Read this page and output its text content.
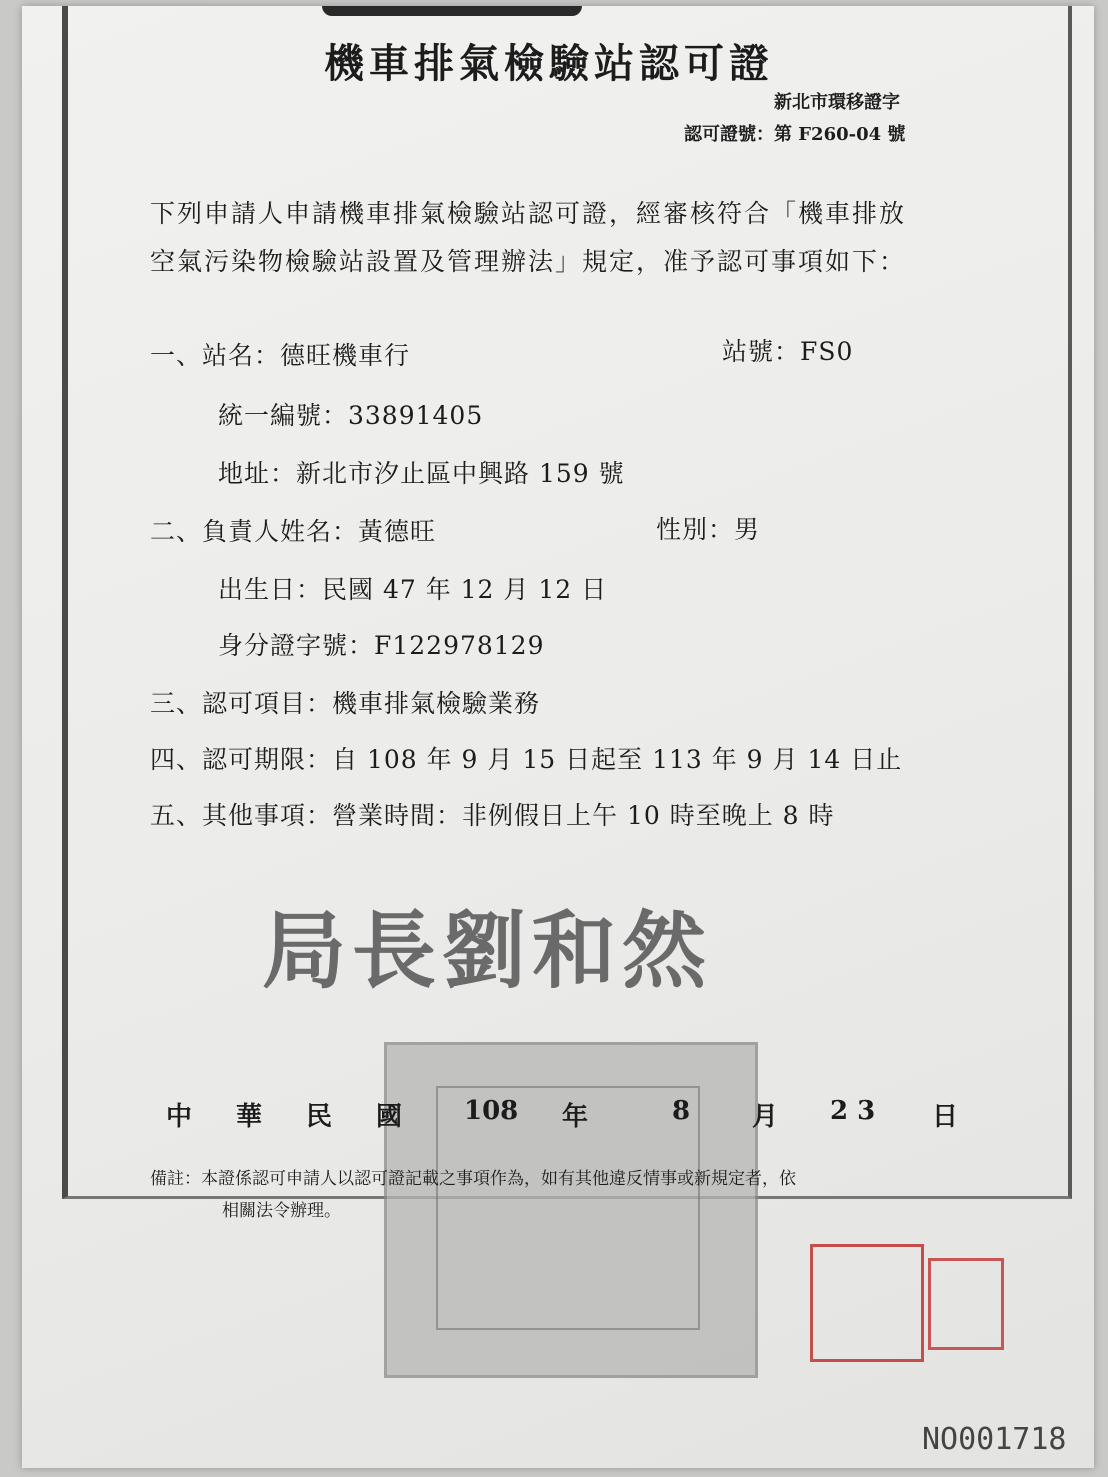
機車排氣檢驗站認可證
新北市環移證字
認可證號：第 F260-04 號
下列申請人申請機車排氣檢驗站認可證，經審核符合「機車排放
空氣污染物檢驗站設置及管理辦法」規定，准予認可事項如下：
一、站名：德旺機車行	站號：FS0
統一編號：33891405
地址：新北市汐止區中興路 159 號
二、負責人姓名：黃德旺	性別：男
出生日：民國 47 年 12 月 12 日
身分證字號：F122978129
三、認可項目：機車排氣檢驗業務
四、認可期限：自 108 年 9 月 15 日起至 113 年 9 月 14 日止
五、其他事項：營業時間：非例假日上午 10 時至晚上 8 時
局長劉和然
中 華 民 國 108 年	8 月 2 3 日
備註：本證係認可申請人以認可證記載之事項作為，如有其他違反情事或新規定者，依
相關法令辦理。
NO001718
